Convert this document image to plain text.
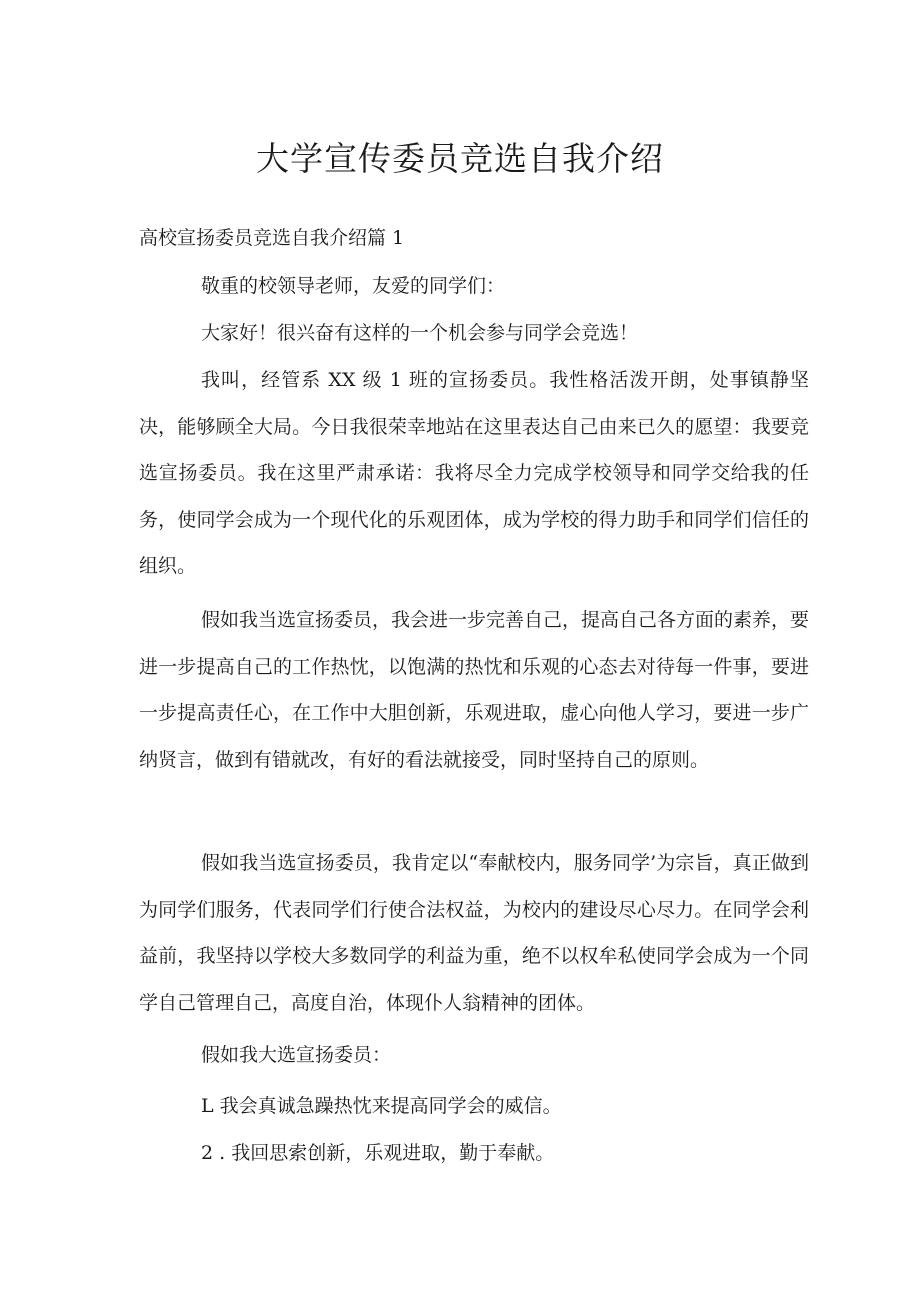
大学宣传委员竞选自我介绍

高校宣扬委员竞选自我介绍篇 1

敬重的校领导老师，友爱的同学们：

大家好！很兴奋有这样的一个机会参与同学会竞选！

我叫，经管系 XX 级 1 班的宣扬委员。我性格活泼开朗，处事镇静坚决，能够顾全大局。今日我很荣幸地站在这里表达自己由来已久的愿望：我要竞选宣扬委员。我在这里严肃承诺：我将尽全力完成学校领导和同学交给我的任务，使同学会成为一个现代化的乐观团体，成为学校的得力助手和同学们信任的组织。

假如我当选宣扬委员，我会进一步完善自己，提高自己各方面的素养，要进一步提高自己的工作热忱，以饱满的热忱和乐观的心态去对待每一件事，要进一步提高责任心，在工作中大胆创新，乐观进取，虚心向他人学习，要进一步广纳贤言，做到有错就改，有好的看法就接受，同时坚持自己的原则。

假如我当选宣扬委员，我肯定以“奉献校内，服务同学’为宗旨，真正做到为同学们服务，代表同学们行使合法权益，为校内的建设尽心尽力。在同学会利益前，我坚持以学校大多数同学的利益为重，绝不以权牟私使同学会成为一个同学自己管理自己，高度自治，体现仆人翁精神的团体。

假如我大选宣扬委员：

L 我会真诚急躁热忱来提高同学会的威信。

2 . 我回思索创新，乐观进取，勤于奉献。
